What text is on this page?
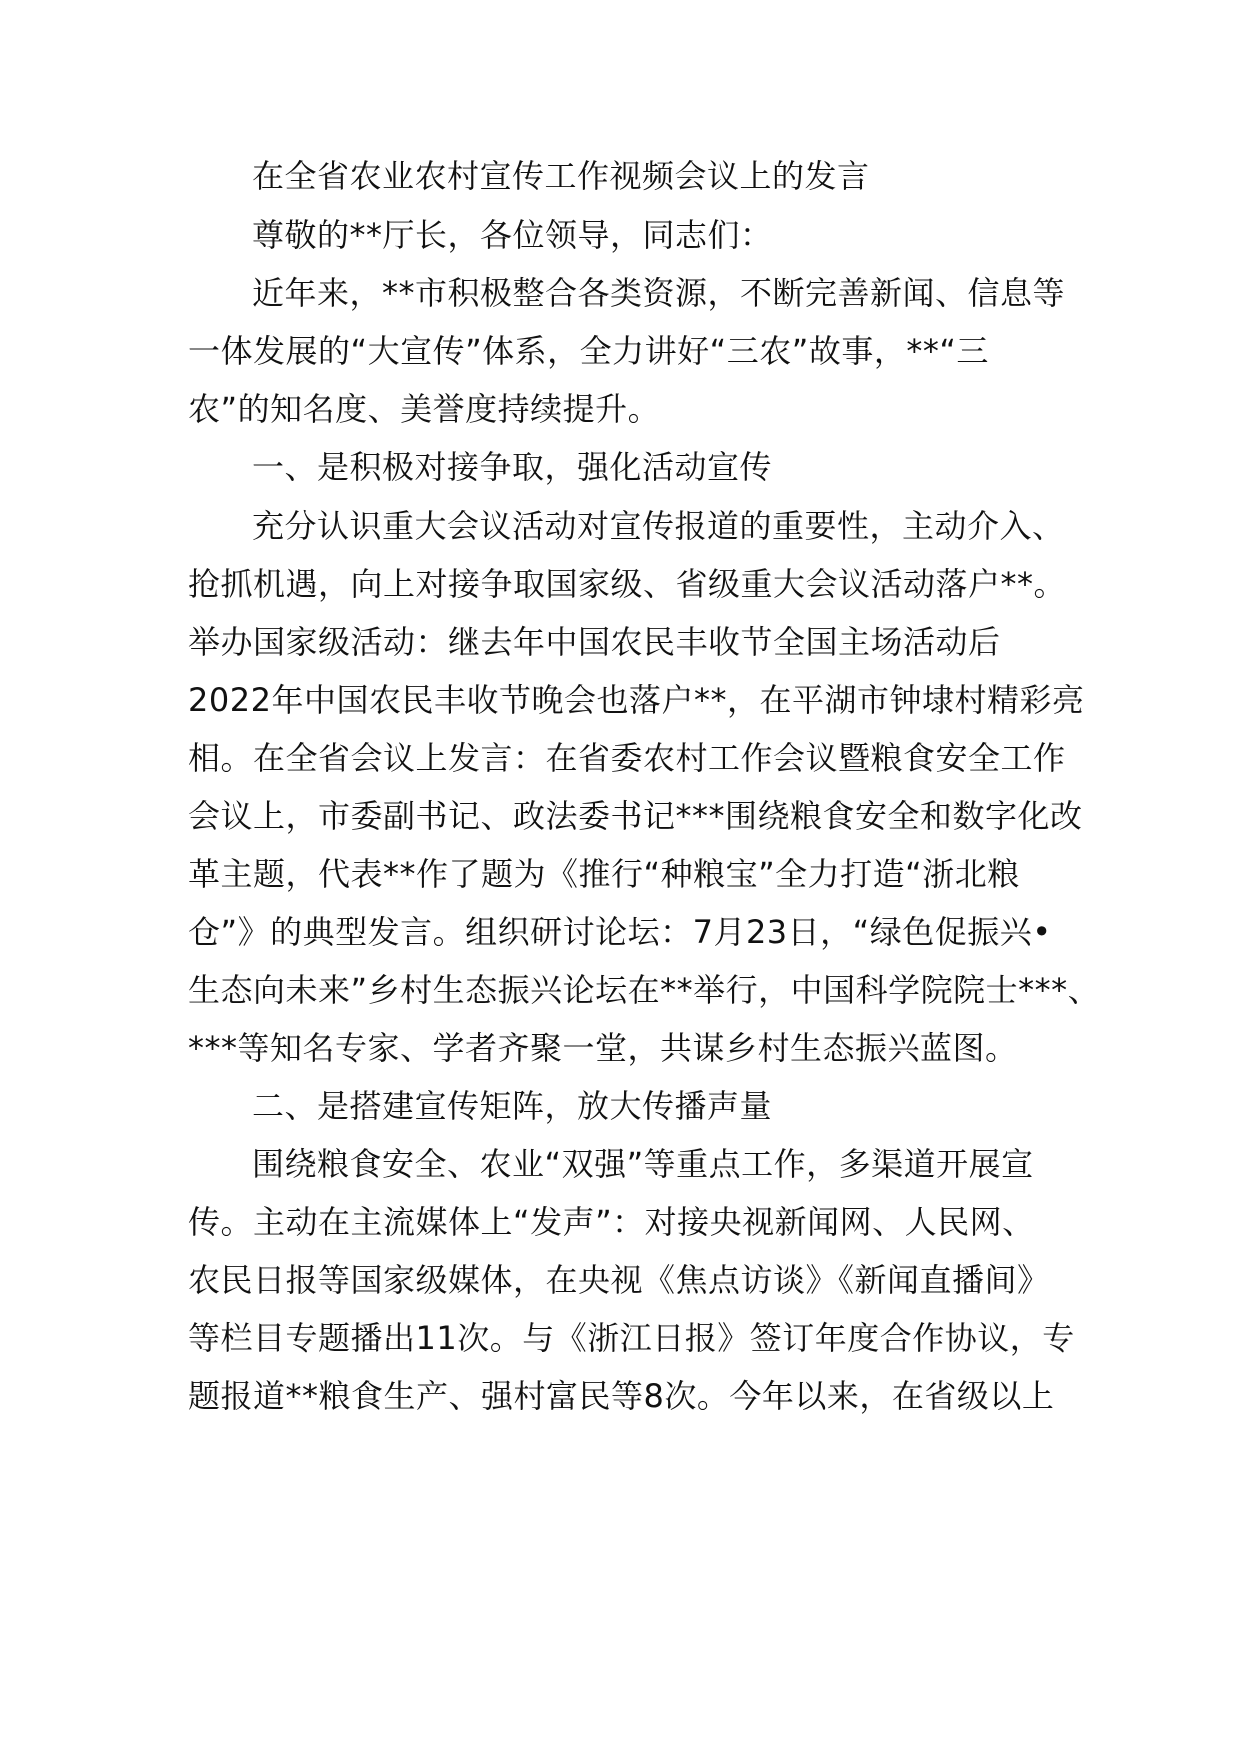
在全省农业农村宣传工作视频会议上的发言
尊敬的**厅长，各位领导，同志们：
近年来，**市积极整合各类资源，不断完善新闻、信息等
一体发展的“大宣传”体系，全力讲好“三农”故事，**“三
农”的知名度、美誉度持续提升。
一、是积极对接争取，强化活动宣传
充分认识重大会议活动对宣传报道的重要性，主动介入、
抢抓机遇，向上对接争取国家级、省级重大会议活动落户**。
举办国家级活动：继去年中国农民丰收节全国主场活动后
2022年中国农民丰收节晚会也落户**，在平湖市钟埭村精彩亮
相。在全省会议上发言：在省委农村工作会议暨粮食安全工作
会议上，市委副书记、政法委书记***围绕粮食安全和数字化改
革主题，代表**作了题为《推行“种粮宝”全力打造“浙北粮
仓”》的典型发言。组织研讨论坛：7月23日，“绿色促振兴•
生态向未来”乡村生态振兴论坛在**举行，中国科学院院士***、
***等知名专家、学者齐聚一堂，共谋乡村生态振兴蓝图。
二、是搭建宣传矩阵，放大传播声量
围绕粮食安全、农业“双强”等重点工作，多渠道开展宣
传。主动在主流媒体上“发声”：对接央视新闻网、人民网、
农民日报等国家级媒体，在央视《焦点访谈》《新闻直播间》
等栏目专题播出11次。与《浙江日报》签订年度合作协议，专
题报道**粮食生产、强村富民等8次。今年以来，在省级以上
